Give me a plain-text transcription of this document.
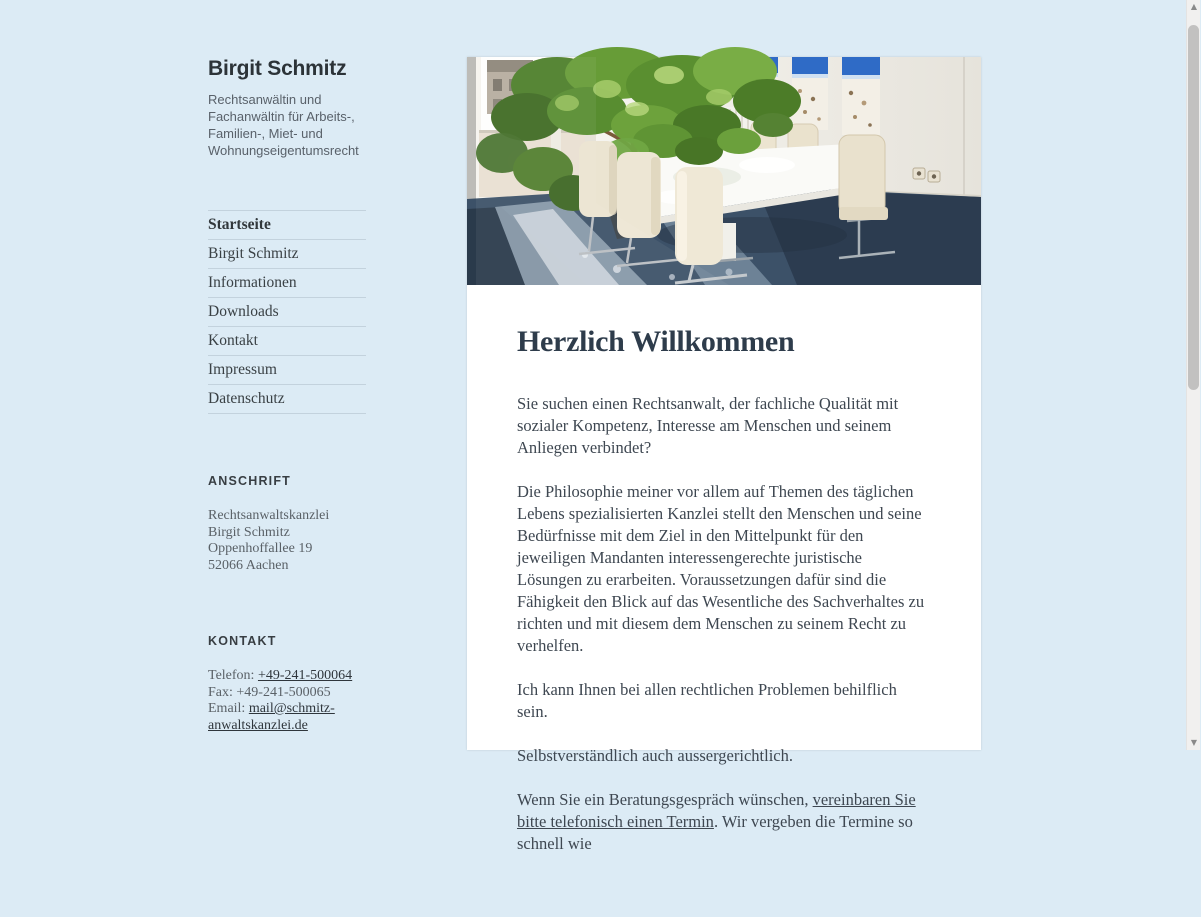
Birgit Schmitz

Rechtsanwältin und Fachanwältin für Arbeits-, Familien-, Miet- und Wohnungseigentumsrecht

Startseite
Birgit Schmitz
Informationen
Downloads
Kontakt
Impressum
Datenschutz
ANSCHRIFT

Rechtsanwaltskanzlei
Birgit Schmitz
Oppenhoffallee 19
52066 Aachen

KONTAKT

Telefon: +49-241-500064
Fax: +49-241-500065
Email: mail@schmitz-anwaltskanzlei.de

Herzlich Willkommen

Sie suchen einen Rechtsanwalt, der fachliche Qualität mit sozialer Kompetenz, Interesse am Menschen und seinem Anliegen verbindet?

Die Philosophie meiner vor allem auf Themen des täglichen Lebens spezialisierten Kanzlei stellt den Menschen und seine Bedürfnisse mit dem Ziel in den Mittelpunkt für den jeweiligen Mandanten interessengerechte juristische Lösungen zu erarbeiten. Voraussetzungen dafür sind die Fähigkeit den Blick auf das Wesentliche des Sachverhaltes zu richten und mit diesem dem Menschen zu seinem Recht zu verhelfen.

Ich kann Ihnen bei allen rechtlichen Problemen behilflich sein.

Selbstverständlich auch aussergerichtlich.

Wenn Sie ein Beratungsgespräch wünschen, vereinbaren Sie bitte telefonisch einen Termin. Wir vergeben die Termine so schnell wie

▲
▼
